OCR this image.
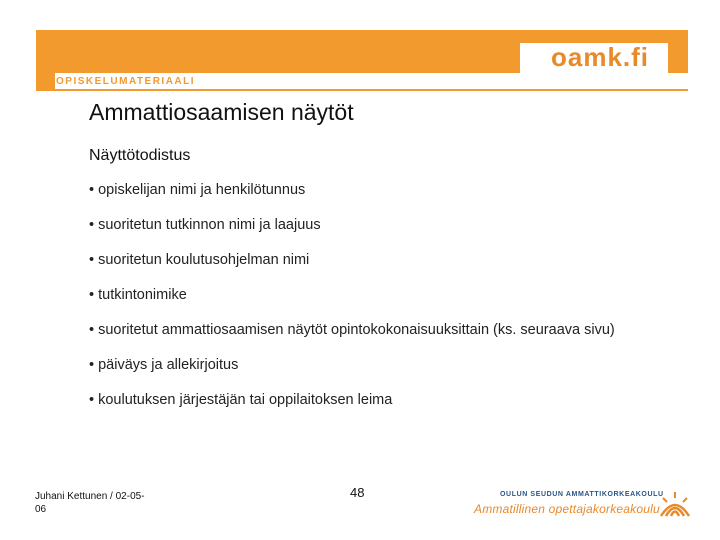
oamk.fi
OPISKELUMATERIAALI
Ammattiosaamisen näytöt
Näyttötodistus
• opiskelijan nimi ja henkilötunnus
• suoritetun tutkinnon nimi ja laajuus
• suoritetun koulutusohjelman nimi
• tutkintonimike
• suoritetut ammattiosaamisen näytöt opintokokonaisuuksittain (ks. seuraava sivu)
• päiväys ja allekirjoitus
• koulutuksen järjestäjän tai oppilaitoksen leima
Juhani Kettunen / 02-05-06
48	OULUN SEUDUN AMMATTIKORKEAKOULU
Ammatillinen opettajakorkeakoulu
